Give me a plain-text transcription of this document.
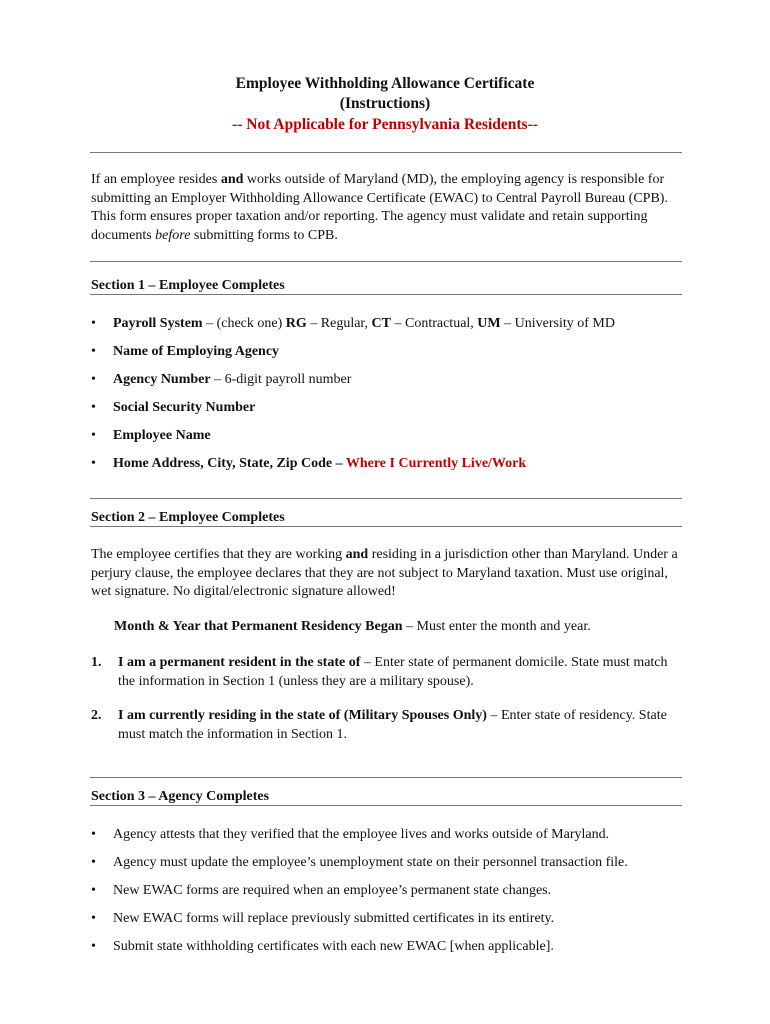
Employee Withholding Allowance Certificate
(Instructions)
-- Not Applicable for Pennsylvania Residents--
If an employee resides and works outside of Maryland (MD), the employing agency is responsible for submitting an Employer Withholding Allowance Certificate (EWAC) to Central Payroll Bureau (CPB). This form ensures proper taxation and/or reporting. The agency must validate and retain supporting documents before submitting forms to CPB.
Section 1 – Employee Completes
•	Payroll System – (check one) RG – Regular, CT – Contractual, UM – University of MD
•	Name of Employing Agency
•	Agency Number – 6-digit payroll number
•	Social Security Number
•	Employee Name
•	Home Address, City, State, Zip Code – Where I Currently Live/Work
Section 2 – Employee Completes
The employee certifies that they are working and residing in a jurisdiction other than Maryland. Under a perjury clause, the employee declares that they are not subject to Maryland taxation. Must use original, wet signature. No digital/electronic signature allowed!
Month & Year that Permanent Residency Began – Must enter the month and year.
1. I am a permanent resident in the state of – Enter state of permanent domicile. State must match the information in Section 1 (unless they are a military spouse).
2. I am currently residing in the state of (Military Spouses Only) – Enter state of residency. State must match the information in Section 1.
Section 3 – Agency Completes
•	Agency attests that they verified that the employee lives and works outside of Maryland.
•	Agency must update the employee’s unemployment state on their personnel transaction file.
•	New EWAC forms are required when an employee’s permanent state changes.
•	New EWAC forms will replace previously submitted certificates in its entirety.
•	Submit state withholding certificates with each new EWAC [when applicable].
